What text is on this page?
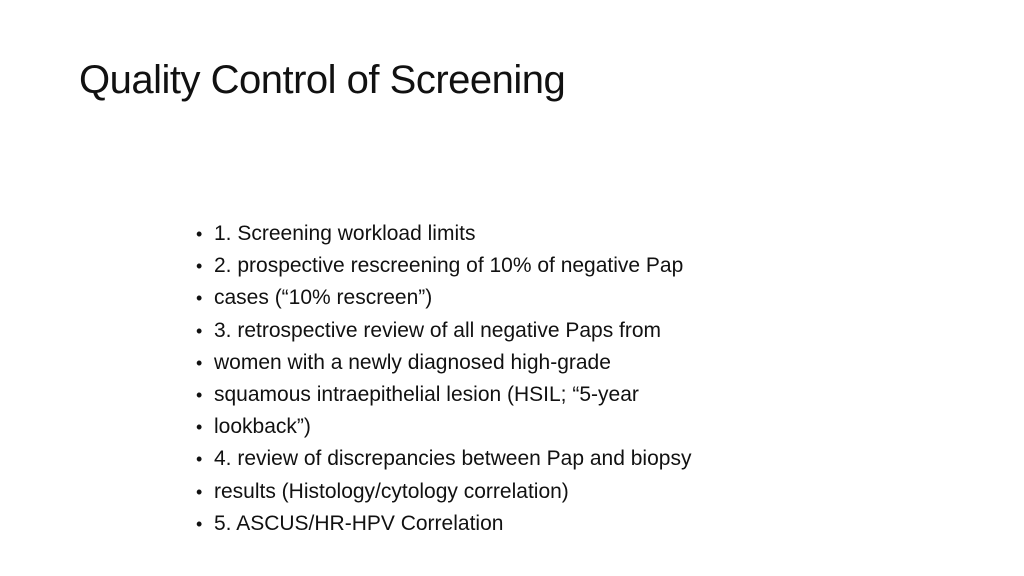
Quality Control of Screening
• 1. Screening workload limits
• 2. prospective rescreening of 10% of negative Pap
• cases (“10% rescreen”)
• 3. retrospective review of all negative Paps from
• women with a newly diagnosed high-grade
• squamous intraepithelial lesion (HSIL; “5-year
• lookback”)
• 4. review of discrepancies between Pap and biopsy
• results (Histology/cytology correlation)
• 5. ASCUS/HR-HPV Correlation
